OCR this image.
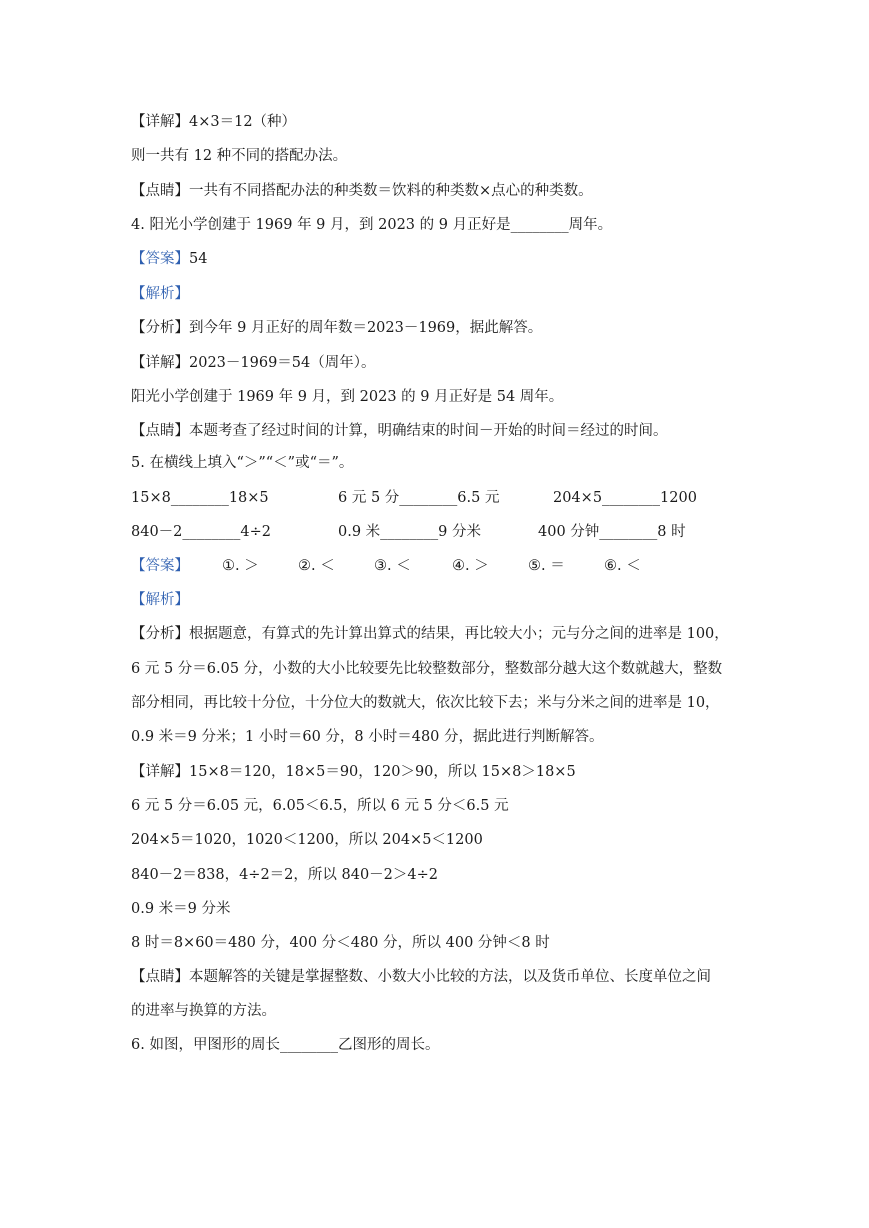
【详解】4×3＝12（种）
则一共有 12 种不同的搭配办法。
【点睛】一共有不同搭配办法的种类数＝饮料的种类数×点心的种类数。
4. 阳光小学创建于 1969 年 9 月，到 2023 的 9 月正好是________周年。
【答案】54
【解析】
【分析】到今年 9 月正好的周年数＝2023－1969，据此解答。
【详解】2023－1969＝54（周年）。
阳光小学创建于 1969 年 9 月，到 2023 的 9 月正好是 54 周年。
【点睛】本题考查了经过时间的计算，明确结束的时间－开始的时间＝经过的时间。
5. 在横线上填入“＞”“＜”或“＝”。
15×8________18×5	6 元 5 分________6.5 元	204×5________1200
840－2________4÷2	0.9 米________9 分米	400 分钟________8 时
【答案】 ①. ＞	②. ＜	③. ＜	④. ＞	⑤. ＝	⑥. ＜
【解析】
【分析】根据题意，有算式的先计算出算式的结果，再比较大小；元与分之间的进率是 100，
6 元 5 分＝6.05 分，小数的大小比较要先比较整数部分，整数部分越大这个数就越大，整数
部分相同，再比较十分位，十分位大的数就大，依次比较下去；米与分米之间的进率是 10，
0.9 米＝9 分米；1 小时＝60 分，8 小时＝480 分，据此进行判断解答。
【详解】15×8＝120，18×5＝90，120＞90，所以 15×8＞18×5
6 元 5 分＝6.05 元，6.05＜6.5，所以 6 元 5 分＜6.5 元
204×5＝1020，1020＜1200，所以 204×5＜1200
840－2＝838，4÷2＝2，所以 840－2＞4÷2
0.9 米＝9 分米
8 时＝8×60＝480 分，400 分＜480 分，所以 400 分钟＜8 时
【点睛】本题解答的关键是掌握整数、小数大小比较的方法，以及货币单位、长度单位之间
的进率与换算的方法。
6. 如图，甲图形的周长________乙图形的周长。
